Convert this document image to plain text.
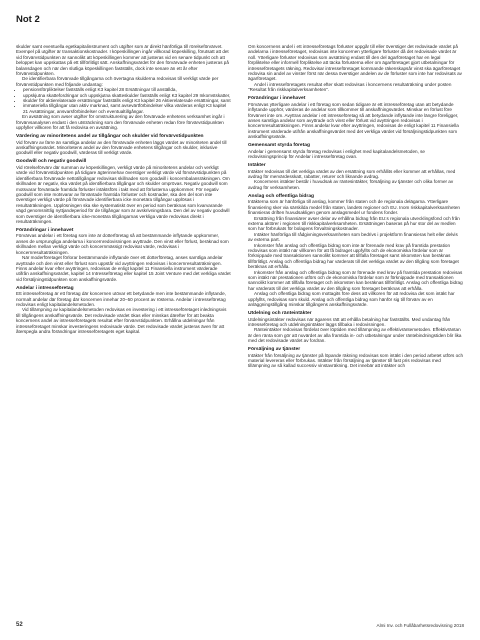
Not 2

skulder samt eventuella egetkapitalinstrument och utgifter som är direkt hänförliga till rörelseförvärvet. Exempel på utgifter är transaktionskostnader. I köpeskillingen ingår villkorad köpeskilling, förutsatt att det vid förvärvstidpunkten är sannolikt att köpeskillingen kommer att justeras vid en senare tidpunkt och att beloppet kan uppskattas på ett tillförlitligt sätt. Anskaffningsvärdet för den förvärvade enheten justeras på balansdagen och när den slutliga köpeskillingen fastställs, dock inte senare än ett år efter förvärvstidpunkten.

De identifierbara förvärvade tillgångarna och övertagna skulderna redovisas till verkligt värde per förvärvstidpunkten med följande undantag:

• pensionsförpliktelser fastställs enligt K3 kapitel 28 Ersättningar till anställda,
• uppskjutna skattefordringar och uppskjutna skatteskulder fastställs enligt K3 kapitel 29 Inkomstskatter,
• skulder för aktierelaterade ersättningar fastställs enligt K3 kapitel 26 Aktierelaterade ersättningar, samt
• immateriella tillgångar utan aktiv marknad, samt avsevärtförbindelser vilka värderas enligt K3 kapitel 21 Avsättningar, ansvarsförbindelser och eventualtillgångar.

En avsättning som avser utgifter för omstrukturering av den förvärvade enhetens verksamhet ingår i förvärvsanalysen endast i den utsträckning som den förvärvade enheten redan före förvärvstidpunkten uppfyller villkoren för att få redovisa en avsättning.

Värdering av minoritetens andel av tillgångar och skulder vid förvärvstidpunkten

Vid förvärv av färre än samtliga andelar av den förvärvade enheten läggs värdet av minoriteten andel till anskaffningsvärdet. Minoritetens andel av den förvärvade enhetens tillgångar och skulder, inklusive goodwill eller negativ goodwill, värderas till verkligt värde.

Goodwill och negativ goodwill

Vid rörelseförvärv där summan av köpeskillingen, verkligt värde på minoritetens andelar och verkligt värde vid förvärvstidpunkten på tidigare ägterinnehav överstiger verkligt värde vid förvärvstidpunkten på identifierbara förvärvade nettotillgångar redovisas skillnaden som goodwill i koncernbalansräkningen. Om skillnaden är negativ, ska värdet på identifierbara tillgångar och skulder omprövas. Negativ goodwill som motsvarar förväntade framtida förluster intäktsförs i takt med att förlusterna uppkommer. För negativ goodwill som inte motsvarar av förväntade framtida förluster och kostnader, ska den del som inte överstiger verkligt värde på förvärvade identifierbara icke monetära tillgångar upplösas i resultaträkningen. Upplösningen ska ske systematiskt över en period som beräknas som kvarvarande vägd genomsnittlig nyttjandeperiod för de tillgångar som är avskrivningsbara. Den del av negativ goodwill som överstiger de identifierbara icke-monetära tillgångarnas verkliga värde redovisas direkt i resultaträkningen.

Förändringar i innehavet

Förvärvas andelar i ett företag som inte är dotterföretag så att bestämmande inflytande uppkommer, anses de ursprungliga andelarna i koncernredovisningen avyttrade. Den vinst eller förlust, beräknad som skillnaden mellan verkligt värde och koncernmässigt redovisat värde, redovisas i koncernresultaträkningen.

När moderföretaget förlorar bestämmande inflytande över ett dotterföretag, anses samtliga andelar avyttrade och den vinst eller förlust som uppstår vid avyttringen redovisas i koncernresultaträkningen. Finns andelar kvar efter avyttringen, redovisas de enligt kapitel 11 Finansiella instrument värderade utifrån anskaffningsvärdet, kapitel 14 Intresseföretag eller kapitel 15 Joint Venture med det verkliga värdet vid försäljningstidpunkten som anskaffningsvärde.

Andelar i intresseföretag

Ett intresseföretag är ett företag där koncernen utövar ett betydande men inte bestämmande inflytande, normalt andelar där företag där koncernen innehar 20–50 procent av rösterna. Andelar i intresseföretag redovisas enligt kapitalandelsmetoden.

Vid tillämpning av kapitalandelsmetoden redovisas en investering i ett intresseföretaget inledningsvis till tillgångens anskaffningsvärde. Det redovisade värdet ökas eller minskas därefter för att beakta koncernens andel av intresseföretagets resultat efter förvärvstidpunkten. Erhållna utdelningar från intresseföretaget minskar investeringens redovisade värde. Det redovisade värdet justeras även för att återspegla andra förändringar intresseföretagets eget kapital.

Om koncernens andel i ett intresseföretags förluster uppgår till eller överstiger det redovisade värdet på andelarna i intresseföretaget, redovisas inte koncernen ytterligare förluster då det redovisade värdet är noll. Ytterligare förluster redovisas som avsättning endast till den del ägarföretaget har en legal förpliktelse eller informell förpliktelse att täcka förlusterna eller om ägarföretaget gjort utbetalningar för intresseföretagets räkning. Redovisar intresseföretaget kommande räkenskapsår vinst ska ägarföretaget redovisa sin andel av vinster först när dessa överstiger andelen av de förluster som inte har redovisats av ägarföretaget.

Andel i intresseföretagets resultat efter skatt redovisas i koncernens resultaträkning under posten "Resultat från riskkapitalverksamheten".

Förändringar i innehavet

Förvärvas ytterligare andelar i ett företag som sedan tidigare är ett intresseföretag utan att betydande inflytande upphör, värderas de andelar som tillkommer till anskaffningsvärdet. Minskar en förlust före förvärvet inte om. Avyttras andelar i ett intresseföretag så att betydande inflytande inte längre föreligger, anses samtliga andelar som avyttrade och vinst eller förlust vid avyttringen redovisas i koncernresultaträkningen. Finns andelar kvar efter avyttringen, redovisas de enligt kapitel 11 Finansiella instrument värderade utifrån anskaffningsvärdet med det verkliga värdet vid försäljningstidpunkten som anskaffningsvärde.

Gemensamt styrda företag

Andelar i gemensamt styrda företag redovisas i enlighet med kapitalandelsmetoden, se redovisningsprincip för Andelar i intresseföretag ovan.

Intäkter

Intäkter redovisas till det verkliga värdet av den ersättning som erhållits eller kommer att erhållas, med avdrag för mervärdesskatt, rabatter, returer och liknande avdrag.

Koncernens intäkter består i huvudsak av räntesintäkter, försäljning av tjänster och olika former av avdrag för verksamheten.

Anslag och offentliga bidrag

Intäkterna som är hänförliga till anslag, kommer från staten och de regionala delägarna. Ytterligare finansiering sker via särskilda medel från staten, landets regioner och EU. Inom riskkapitalverksamheten finansieras driften huvudsakligen genom anslagsmedel ur fondens fonder.

Ersättning från finansiärer avser delar av erhållna bidrag från EU:s regionala utvecklingsfond och från externa aktörer i regionen till riskkapitalverksamheten. Ersättningen baseras på hur stor del av medlen som har förbrukats för bolagens förvaltningskostnader.

Intäkter hänförliga till rådgivningsverksamheten som bedrivs i projektform finansieras helt eller delvis av externa part.

Inkomster från anslag och offentliga bidrag som inte är förenade med krav på framtida prestation redovisas som intäkt när villkoren för att få bidraget uppfyllts och de ekonomiska fördelar som är förknippade med transaktionen sannolikt kommer att tillfalla företaget samt inkomsten kan beräknas tillförlitligt. Anslag och offentliga bidrag har värderats till det verkliga värdet av den tillgång som företaget beräknas att erhålla.

Inkomster från anslag och offentliga bidrag som är förenade med krav på framtida prestation redovisas som intäkt när prestationen utförs och de ekonomiska fördelar som är förknippade med transaktionen sannolikt kommer att tillfalla företaget och inkomsten kan beräknas tillförlitligt. Anslag och offentliga bidrag har värderats till det verkliga värdet av den tillgång som företaget beräknas att erhålla.

Anslag och offentliga bidrag som mottagits före dess att villkoren för att redovisa det som intäkt har uppfyllts, redovisas som skuld. Anslag och offentliga bidrag som hänför sig till förvärv av en anläggningstillgång minskar tillgångens anskaffningsvärde.

Utdelning och ränteintäkter

Utdelningsintäkter redovisas när ägarens rätt att erhålla betalning har fastställts. Med undantag från intresseföretag och utdelningsintäkter läggs tillbaka i redovisningen.

Ränteintäkter redovisas fördelat över löptiden med tillämpning av effektivräntemetoden. Effektivräntan är den ränta som gör att nuvärdet av alla framtida in- och utbetalningar under räntebindningstiden blir lika med det redovisade värdet av fordran.

Försäljning av tjänster

Intäkter från försäljning av tjänster på löpande räkning redovisas som intäkt i den period arbetet utförs och material levereras eller förbrukas. Intäkter från försäljning av tjänster till fast pris redovisas med tillämpning av så kallad successiv vinstavräkning. Det innebär att intäkter och

52	Almi Inv. och Fullåbarhetsredovisning 2018
